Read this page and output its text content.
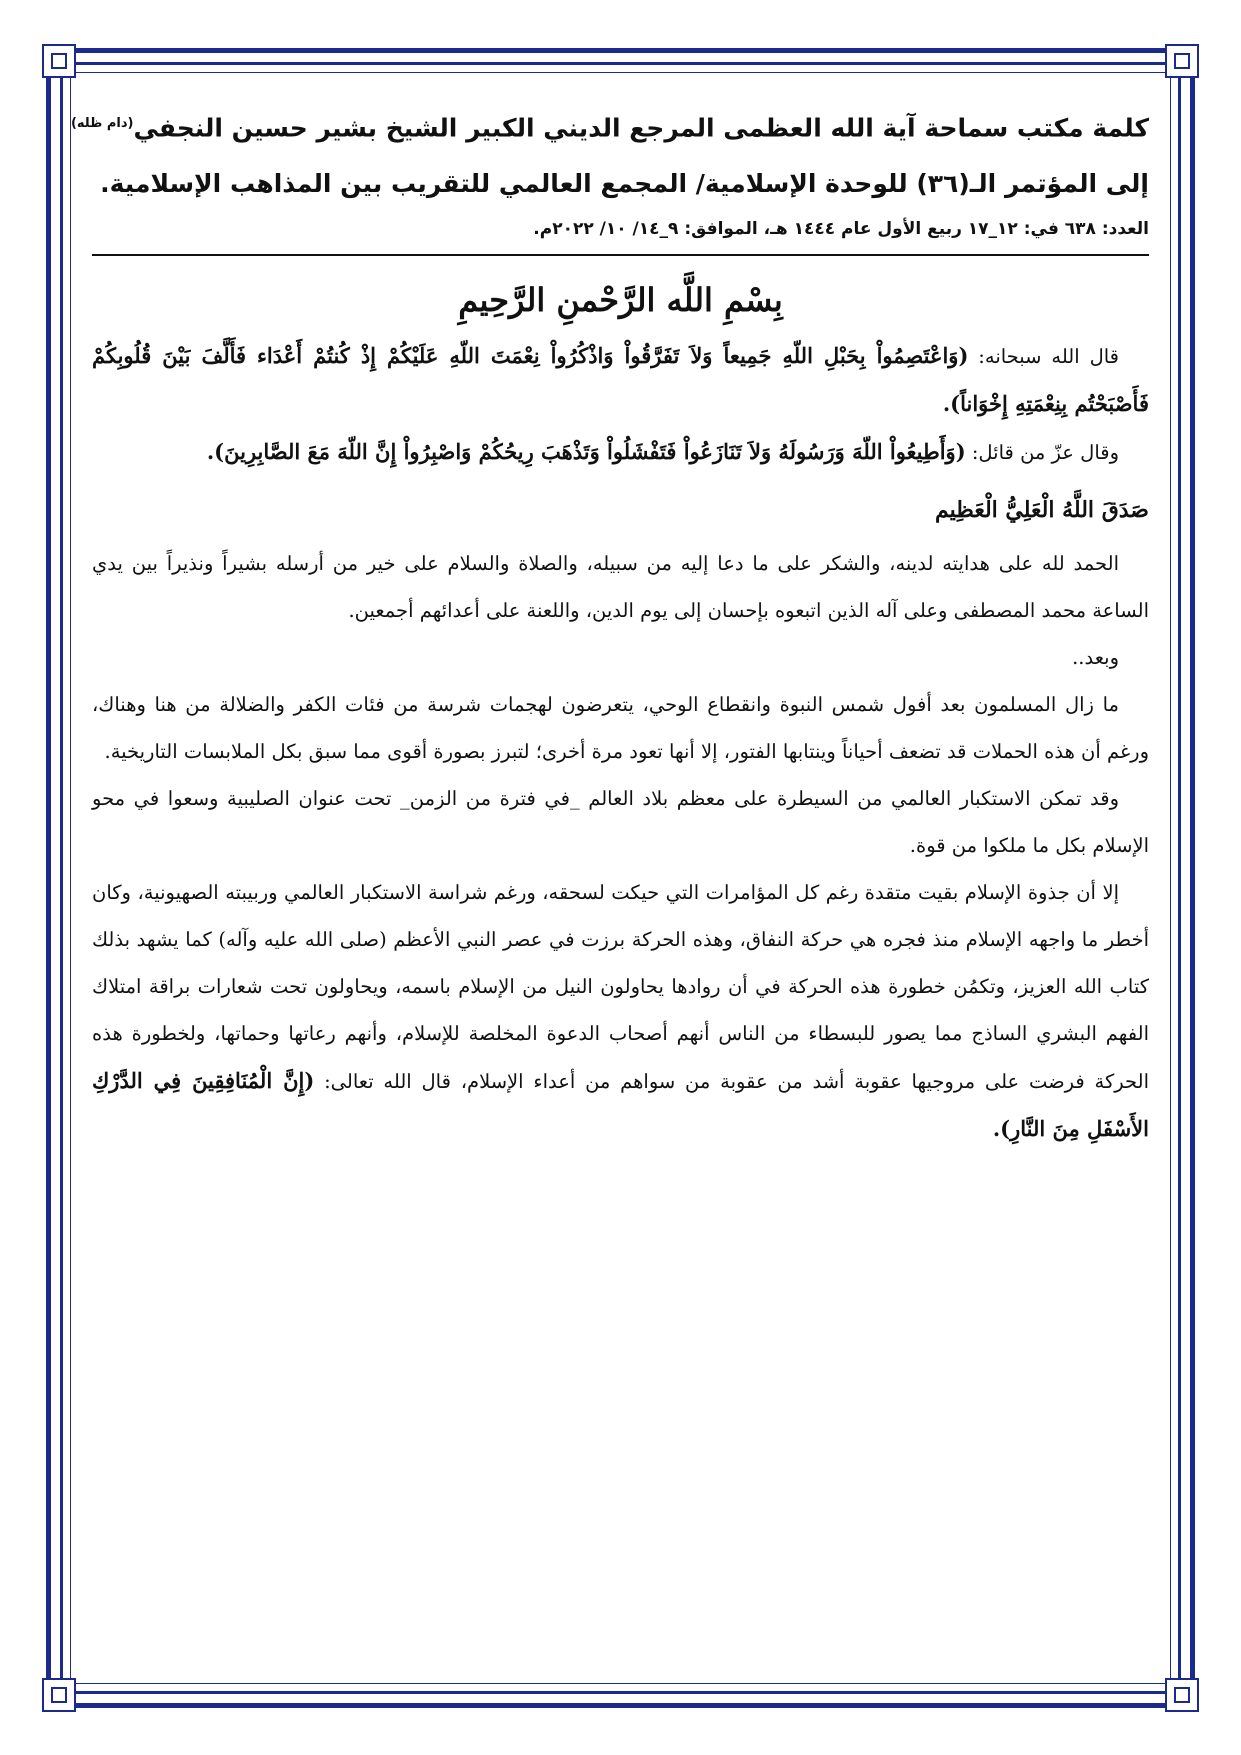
كلمة مكتب سماحة آية الله العظمى المرجع الديني الكبير الشيخ بشير حسين النجفي$^{(دام ظله)}$

إلى المؤتمر الـ(٣٦) للوحدة الإسلامية/ المجمع العالمي للتقريب بين المذاهب الإسلامية.

العدد: ٦٣٨ في: ١٢_١٧ ربيع الأول عام ١٤٤٤ هـ، الموافق: ٩_١٤/ ١٠/ ٢٠٢٢م.

بِسْمِ اللَّه الرَّحْمنِ الرَّحِيمِ

قال الله سبحانه: (وَاعْتَصِمُواْ بِحَبْلِ اللّهِ جَمِيعاً وَلاَ تَفَرَّقُواْ وَاذْكُرُواْ نِعْمَتَ اللّهِ عَلَيْكُمْ إِذْ كُنتُمْ أَعْدَاء فَأَلَّفَ بَيْنَ قُلُوبِكُمْ فَأَصْبَحْتُم بِنِعْمَتِهِ إِخْوَاناً).

وقال عزّ من قائل: (وَأَطِيعُواْ اللّهَ وَرَسُولَهُ وَلاَ تَنَازَعُواْ فَتَفْشَلُواْ وَتَذْهَبَ رِيحُكُمْ وَاصْبِرُواْ إِنَّ اللّهَ مَعَ الصَّابِرِينَ).

صَدَقَ اللَّهُ الْعَلِيُّ الْعَظِيم

الحمد لله على هدايته لدينه، والشكر على ما دعا إليه من سبيله، والصلاة والسلام على خير من أرسله بشيراً ونذيراً بين يدي الساعة محمد المصطفى وعلى آله الذين اتبعوه بإحسان إلى يوم الدين، واللعنة على أعدائهم أجمعين.

وبعد..

ما زال المسلمون بعد أفول شمس النبوة وانقطاع الوحي، يتعرضون لهجمات شرسة من فئات الكفر والضلالة من هنا وهناك، ورغم أن هذه الحملات قد تضعف أحياناً وينتابها الفتور، إلا أنها تعود مرة أخرى؛ لتبرز بصورة أقوى مما سبق بكل الملابسات التاريخية.

وقد تمكن الاستكبار العالمي من السيطرة على معظم بلاد العالم _في فترة من الزمن_ تحت عنوان الصليبية وسعوا في محو الإسلام بكل ما ملكوا من قوة.

إلا أن جذوة الإسلام بقيت متقدة رغم كل المؤامرات التي حيكت لسحقه، ورغم شراسة الاستكبار العالمي وربيبته الصهيونية، وكان أخطر ما واجهه الإسلام منذ فجره هي حركة النفاق، وهذه الحركة برزت في عصر النبي الأعظم (صلى الله عليه وآله) كما يشهد بذلك كتاب الله العزيز، وتكمُن خطورة هذه الحركة في أن روادها يحاولون النيل من الإسلام باسمه، ويحاولون تحت شعارات براقة امتلاك الفهم البشري الساذج مما يصور للبسطاء من الناس أنهم أصحاب الدعوة المخلصة للإسلام، وأنهم رعاتها وحماتها، ولخطورة هذه الحركة فرضت على مروجيها عقوبة أشد من عقوبة من سواهم من أعداء الإسلام، قال الله تعالى: (إِنَّ الْمُنَافِقِينَ فِي الدَّرْكِ الأَسْفَلِ مِنَ النَّارِ).
